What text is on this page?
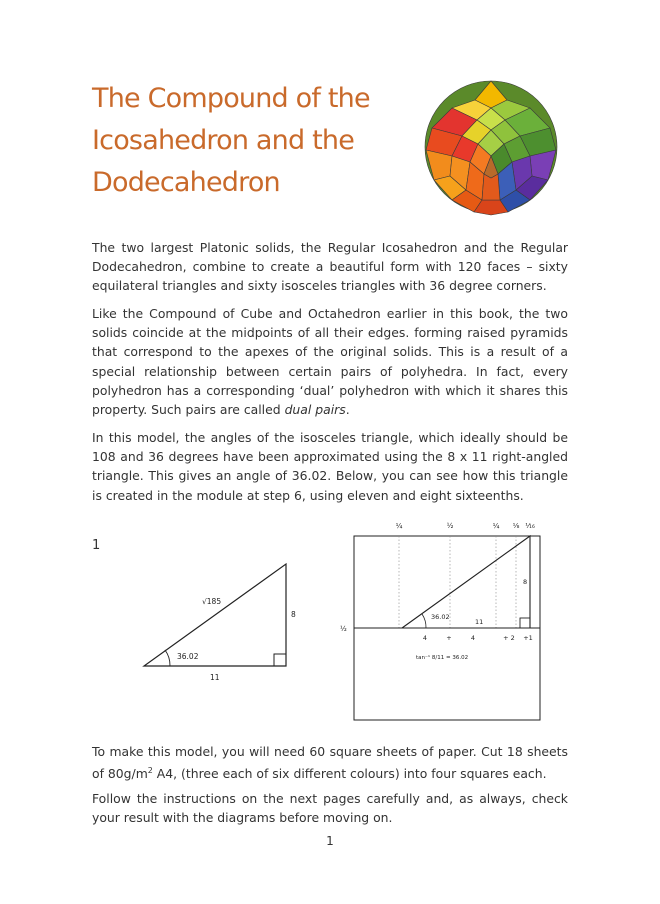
The Compound of the
Icosahedron and the
Dodecahedron

The two largest Platonic solids, the Regular Icosahedron and the Regular Dodecahedron, combine to create a beautiful form with 120 faces – sixty equilateral triangles and sixty isosceles triangles with 36 degree corners.

Like the Compound of Cube and Octahedron earlier in this book, the two solids coincide at the midpoints of all their edges. forming raised pyramids that correspond to the apexes of the original solids. This is a result of a special relationship between certain pairs of polyhedra. In fact, every polyhedron has a corresponding ‘dual’ polyhedron with which it shares this property. Such pairs are called dual pairs.

In this model, the angles of the isosceles triangle, which ideally should be 108 and 36 degrees have been approximated using the 8 x 11 right-angled triangle. This gives an angle of 36.02. Below, you can see how this triangle is created in the module at step 6, using eleven and eight sixteenths.

1
√185
8
36.02
11
¼	½	¼ ⅛ ¹⁄₁₆
½
8
36.02
11
4	+	4	+ 2 +1
tan⁻¹ 8/11 = 36.02

To make this model, you will need 60 square sheets of paper. Cut 18 sheets of $80g/m^2$ A4, (three each of six different colours) into four squares each.

Follow the instructions on the next pages carefully and, as always, check your result with the diagrams before moving on.

1
